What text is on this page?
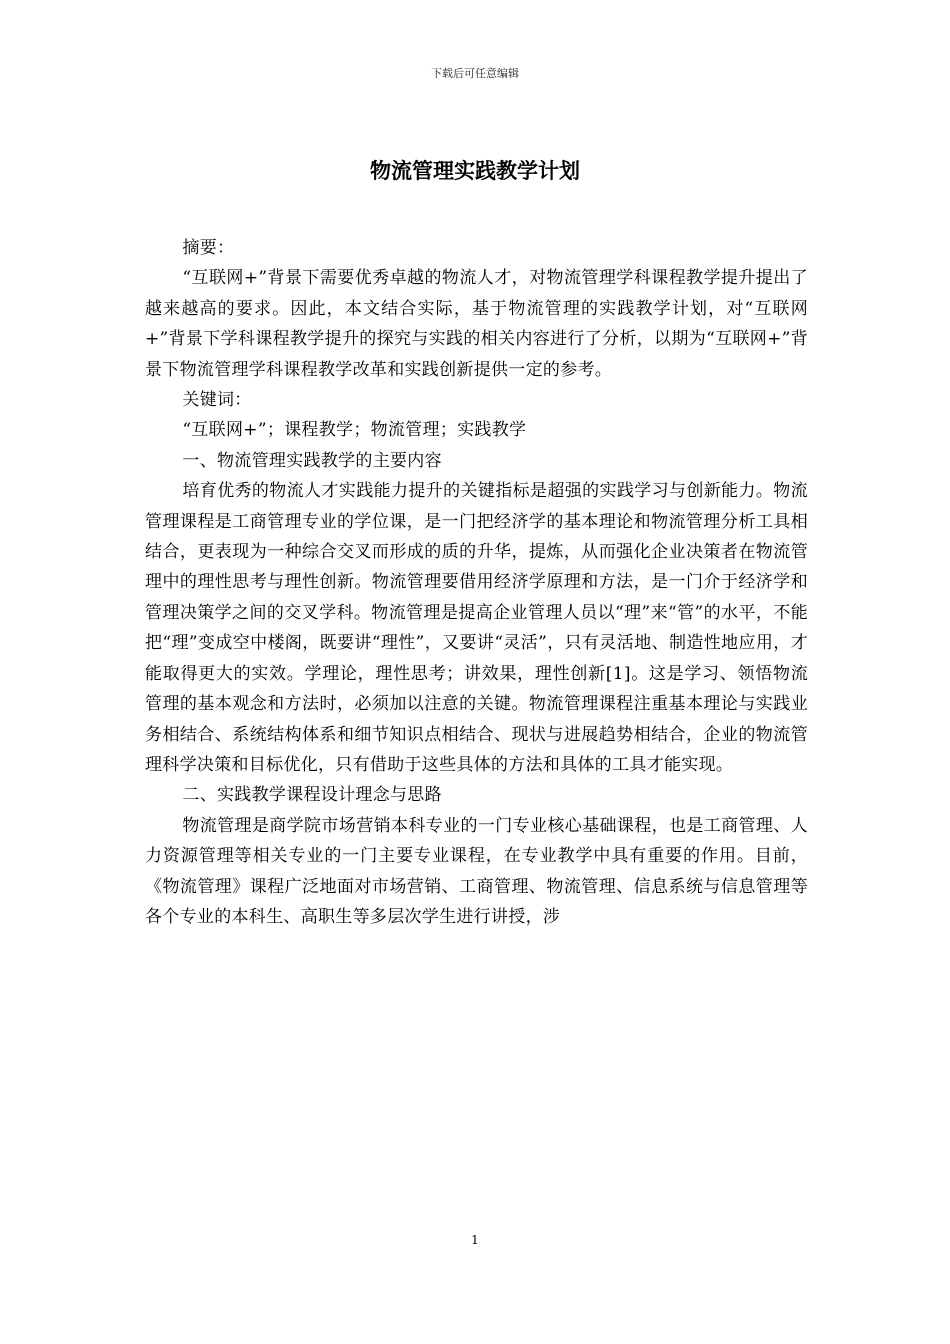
下载后可任意编辑
物流管理实践教学计划

摘要：

“互联网+”背景下需要优秀卓越的物流人才，对物流管理学科课程教学提升提出了越来越高的要求。因此，本文结合实际，基于物流管理的实践教学计划，对“互联网+”背景下学科课程教学提升的探究与实践的相关内容进行了分析，以期为“互联网+”背景下物流管理学科课程教学改革和实践创新提供一定的参考。

关键词：

“互联网+”；课程教学；物流管理；实践教学

一、物流管理实践教学的主要内容

培育优秀的物流人才实践能力提升的关键指标是超强的实践学习与创新能力。物流管理课程是工商管理专业的学位课，是一门把经济学的基本理论和物流管理分析工具相结合，更表现为一种综合交叉而形成的质的升华，提炼，从而强化企业决策者在物流管理中的理性思考与理性创新。物流管理要借用经济学原理和方法，是一门介于经济学和管理决策学之间的交叉学科。物流管理是提高企业管理人员以“理”来“管”的水平，不能把“理”变成空中楼阁，既要讲“理性”，又要讲“灵活”，只有灵活地、制造性地应用，才能取得更大的实效。学理论，理性思考；讲效果，理性创新[1]。这是学习、领悟物流管理的基本观念和方法时，必须加以注意的关键。物流管理课程注重基本理论与实践业务相结合、系统结构体系和细节知识点相结合、现状与进展趋势相结合，企业的物流管理科学决策和目标优化，只有借助于这些具体的方法和具体的工具才能实现。

二、实践教学课程设计理念与思路

物流管理是商学院市场营销本科专业的一门专业核心基础课程，也是工商管理、人力资源管理等相关专业的一门主要专业课程，在专业教学中具有重要的作用。目前，《物流管理》课程广泛地面对市场营销、工商管理、物流管理、信息系统与信息管理等各个专业的本科生、高职生等多层次学生进行讲授，涉

1
